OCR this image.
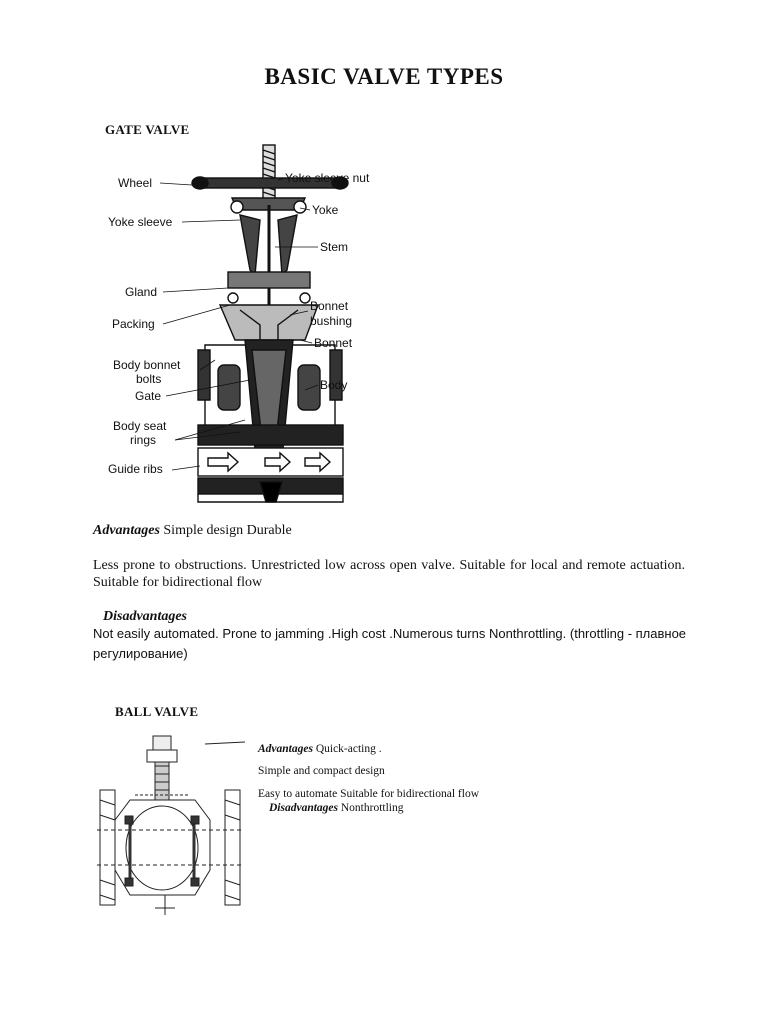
BASIC VALVE TYPES
GATE VALVE
Wheel	Yoke sleeve nut
Yoke
Yoke sleeve
Stem
Gland
Bonnet
bushing
Packing
Bonnet
Body bonnet
bolts	Body
Gate
Body seat
rings
Guide ribs
Advantages Simple design Durable
Less prone to obstructions. Unrestricted low across open valve. Suitable for local and remote actuation. Suitable for bidirectional flow
Disadvantages
Not easily automated. Prone to jamming .High cost .Numerous turns Nonthrottling. (throttling - плавное регулирование)
BALL VALVE
Advantages Quick-acting .
Simple and compact design
Easy to automate Suitable for bidirectional flow
Disadvantages Nonthrottling
